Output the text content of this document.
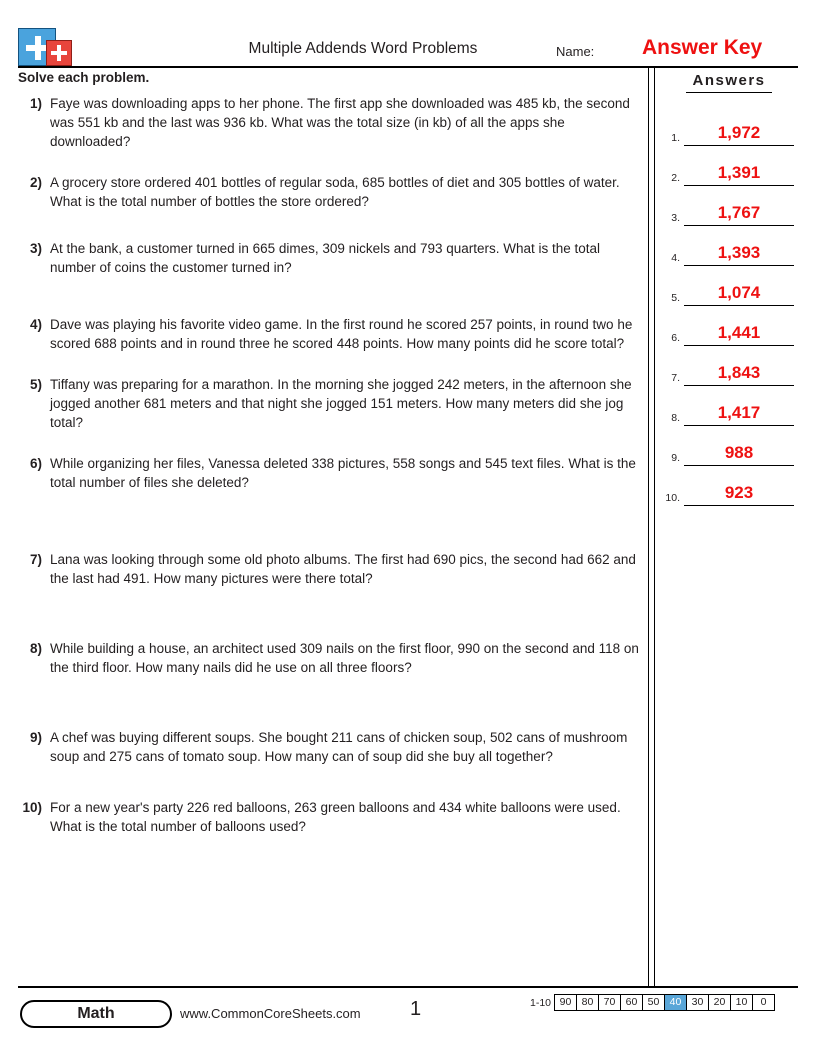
Multiple Addends Word Problems	Name: Answer Key
Solve each problem.
1) Faye was downloading apps to her phone. The first app she downloaded was 485 kb, the second was 551 kb and the last was 936 kb. What was the total size (in kb) of all the apps she downloaded?
2) A grocery store ordered 401 bottles of regular soda, 685 bottles of diet and 305 bottles of water. What is the total number of bottles the store ordered?
3) At the bank, a customer turned in 665 dimes, 309 nickels and 793 quarters. What is the total number of coins the customer turned in?
4) Dave was playing his favorite video game. In the first round he scored 257 points, in round two he scored 688 points and in round three he scored 448 points. How many points did he score total?
5) Tiffany was preparing for a marathon. In the morning she jogged 242 meters, in the afternoon she jogged another 681 meters and that night she jogged 151 meters. How many meters did she jog total?
6) While organizing her files, Vanessa deleted 338 pictures, 558 songs and 545 text files. What is the total number of files she deleted?
7) Lana was looking through some old photo albums. The first had 690 pics, the second had 662 and the last had 491. How many pictures were there total?
8) While building a house, an architect used 309 nails on the first floor, 990 on the second and 118 on the third floor. How many nails did he use on all three floors?
9) A chef was buying different soups. She bought 211 cans of chicken soup, 502 cans of mushroom soup and 275 cans of tomato soup. How many can of soup did she buy all together?
10) For a new year's party 226 red balloons, 263 green balloons and 434 white balloons were used. What is the total number of balloons used?
Answers
1.	1,972
2.	1,391
3.	1,767
4.	1,393
5.	1,074
6.	1,441
7.	1,843
8.	1,417
9.	988
10.	923
Math	www.CommonCoreSheets.com 1	1-10 90 80 70 60 50 40 30 20 10	0
